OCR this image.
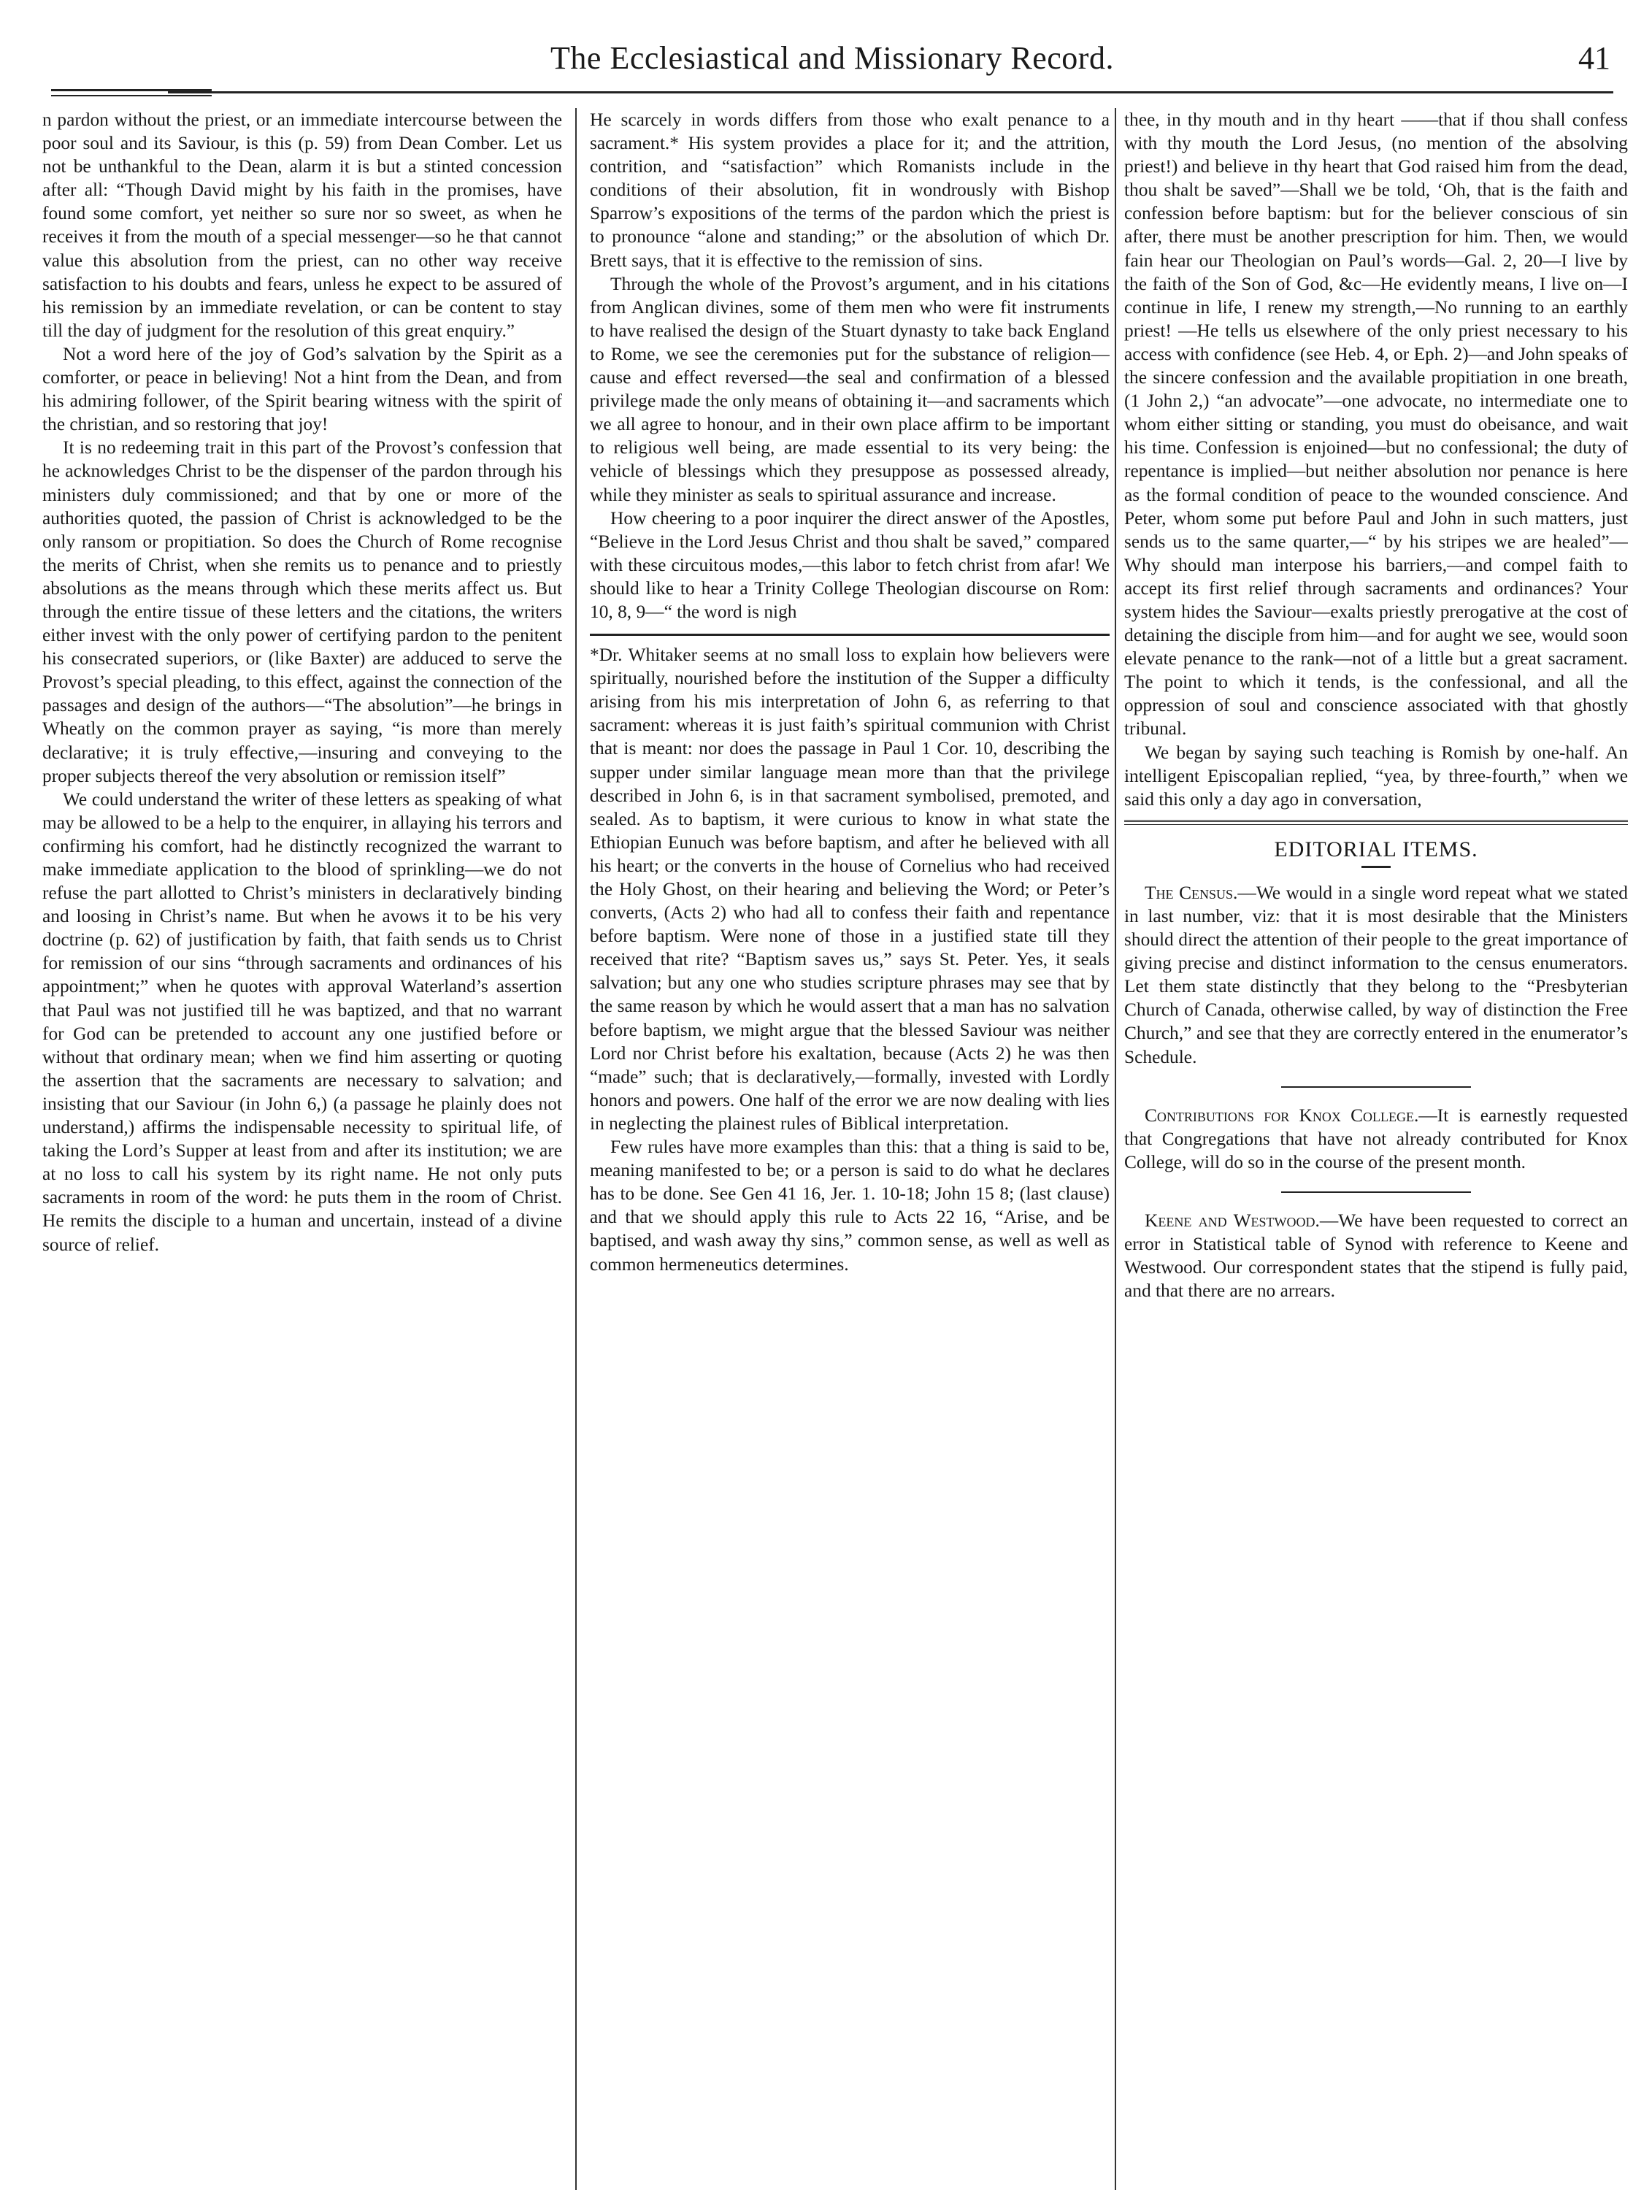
The Ecclesiastical and Missionary Record.	41

n pardon without the priest, or an immediate intercourse between the poor soul and its Saviour, is this (p. 59) from Dean Comber. Let us not be unthankful to the Dean, alarm it is but a stinted concession after all: “Though David might by his faith in the promises, have found some comfort, yet neither so sure nor so sweet, as when he receives it from the mouth of a special messenger—so he that cannot value this absolution from the priest, can no other way receive satisfaction to his doubts and fears, unless he expect to be assured of his remission by an immediate revelation, or can be content to stay till the day of judgment for the resolution of this great enquiry.”

Not a word here of the joy of God’s salvation by the Spirit as a comforter, or peace in believing! Not a hint from the Dean, and from his admiring follower, of the Spirit bearing witness with the spirit of the christian, and so restoring that joy!

It is no redeeming trait in this part of the Provost’s confession that he acknowledges Christ to be the dispenser of the pardon through his ministers duly commissioned; and that by one or more of the authorities quoted, the passion of Christ is acknowledged to be the only ransom or propitiation. So does the Church of Rome recognise the merits of Christ, when she remits us to penance and to priestly absolutions as the means through which these merits affect us. But through the entire tissue of these letters and the citations, the writers either invest with the only power of certifying pardon to the penitent his consecrated superiors, or (like Baxter) are adduced to serve the Provost’s special pleading, to this effect, against the connection of the passages and design of the authors—“The absolution”—he brings in Wheatly on the common prayer as saying, “is more than merely declarative; it is truly effective,—insuring and conveying to the proper subjects thereof the very absolution or remission itself”

We could understand the writer of these letters as speaking of what may be allowed to be a help to the enquirer, in allaying his terrors and confirming his comfort, had he distinctly recognized the warrant to make immediate application to the blood of sprinkling—we do not refuse the part allotted to Christ’s ministers in declaratively binding and loosing in Christ’s name. But when he avows it to be his very doctrine (p. 62) of justification by faith, that faith sends us to Christ for remission of our sins “through sacraments and ordinances of his appointment;” when he quotes with approval Waterland’s assertion that Paul was not justified till he was baptized, and that no warrant for God can be pretended to account any one justified before or without that ordinary mean; when we find him asserting or quoting the assertion that the sacraments are necessary to salvation; and insisting that our Saviour (in John 6,) (a passage he plainly does not understand,) affirms the indispensable necessity to spiritual life, of taking the Lord’s Supper at least from and after its institution; we are at no loss to call his system by its right name. He not only puts sacraments in room of the word: he puts them in the room of Christ. He remits the disciple to a human and uncertain, instead of a divine source of relief.

He scarcely in words differs from those who exalt penance to a sacrament.* His system provides a place for it; and the attrition, contrition, and “satisfaction” which Romanists include in the conditions of their absolution, fit in wondrously with Bishop Sparrow’s expositions of the terms of the pardon which the priest is to pronounce “alone and standing;” or the absolution of which Dr. Brett says, that it is effective to the remission of sins.

Through the whole of the Provost’s argument, and in his citations from Anglican divines, some of them men who were fit instruments to have realised the design of the Stuart dynasty to take back England to Rome, we see the ceremonies put for the substance of religion—cause and effect reversed—the seal and confirmation of a blessed privilege made the only means of obtaining it—and sacraments which we all agree to honour, and in their own place affirm to be important to religious well being, are made essential to its very being: the vehicle of blessings which they presuppose as possessed already, while they minister as seals to spiritual assurance and increase.

How cheering to a poor inquirer the direct answer of the Apostles, “Believe in the Lord Jesus Christ and thou shalt be saved,” compared with these circuitous modes,—this labor to fetch christ from afar! We should like to hear a Trinity College Theologian discourse on Rom: 10, 8, 9—“ the word is nigh

*Dr. Whitaker seems at no small loss to explain how believers were spiritually, nourished before the institution of the Supper a difficulty arising from his mis interpretation of John 6, as referring to that sacrament: whereas it is just faith’s spiritual communion with Christ that is meant: nor does the passage in Paul 1 Cor. 10, describing the supper under similar language mean more than that the privilege described in John 6, is in that sacrament symbolised, premoted, and sealed. As to baptism, it were curious to know in what state the Ethiopian Eunuch was before baptism, and after he believed with all his heart; or the converts in the house of Cornelius who had received the Holy Ghost, on their hearing and believing the Word; or Peter’s converts, (Acts 2) who had all to confess their faith and repentance before baptism. Were none of those in a justified state till they received that rite? “Baptism saves us,” says St. Peter. Yes, it seals salvation; but any one who studies scripture phrases may see that by the same reason by which he would assert that a man has no salvation before baptism, we might argue that the blessed Saviour was neither Lord nor Christ before his exaltation, because (Acts 2) he was then “made” such; that is declaratively,—formally, invested with Lordly honors and powers. One half of the error we are now dealing with lies in neglecting the plainest rules of Biblical interpretation.

Few rules have more examples than this: that a thing is said to be, meaning manifested to be; or a person is said to do what he declares has to be done. See Gen 41 16, Jer. 1. 10-18; John 15 8; (last clause) and that we should apply this rule to Acts 22 16, “Arise, and be baptised, and wash away thy sins,” common sense, as well as well as common hermeneutics determines.

thee, in thy mouth and in thy heart ——that if thou shall confess with thy mouth the Lord Jesus, (no mention of the absolving priest!) and believe in thy heart that God raised him from the dead, thou shalt be saved”—Shall we be told, ‘Oh, that is the faith and confession before baptism: but for the believer conscious of sin after, there must be another prescription for him. Then, we would fain hear our Theologian on Paul’s words—Gal. 2, 20—I live by the faith of the Son of God, &c—He evidently means, I live on—I continue in life, I renew my strength,—No running to an earthly priest! —He tells us elsewhere of the only priest necessary to his access with confidence (see Heb. 4, or Eph. 2)—and John speaks of the sincere confession and the available propitiation in one breath, (1 John 2,) “an advocate”—one advocate, no intermediate one to whom either sitting or standing, you must do obeisance, and wait his time. Confession is enjoined—but no confessional; the duty of repentance is implied—but neither absolution nor penance is here as the formal condition of peace to the wounded conscience. And Peter, whom some put before Paul and John in such matters, just sends us to the same quarter,—“ by his stripes we are healed”—Why should man interpose his barriers,—and compel faith to accept its first relief through sacraments and ordinances? Your system hides the Saviour—exalts priestly prerogative at the cost of detaining the disciple from him—and for aught we see, would soon elevate penance to the rank—not of a little but a great sacrament. The point to which it tends, is the confessional, and all the oppression of soul and conscience associated with that ghostly tribunal.

We began by saying such teaching is Romish by one-half. An intelligent Episcopalian replied, “yea, by three-fourth,” when we said this only a day ago in conversation,

EDITORIAL ITEMS.

The Census.—We would in a single word repeat what we stated in last number, viz: that it is most desirable that the Ministers should direct the attention of their people to the great importance of giving precise and distinct information to the census enumerators. Let them state distinctly that they belong to the “Presbyterian Church of Canada, otherwise called, by way of distinction the Free Church,” and see that they are correctly entered in the enumerator’s Schedule.

Contributions for Knox College.—It is earnestly requested that Congregations that have not already contributed for Knox College, will do so in the course of the present month.

Keene and Westwood.—We have been requested to correct an error in Statistical table of Synod with reference to Keene and Westwood. Our correspondent states that the stipend is fully paid, and that there are no arrears.
